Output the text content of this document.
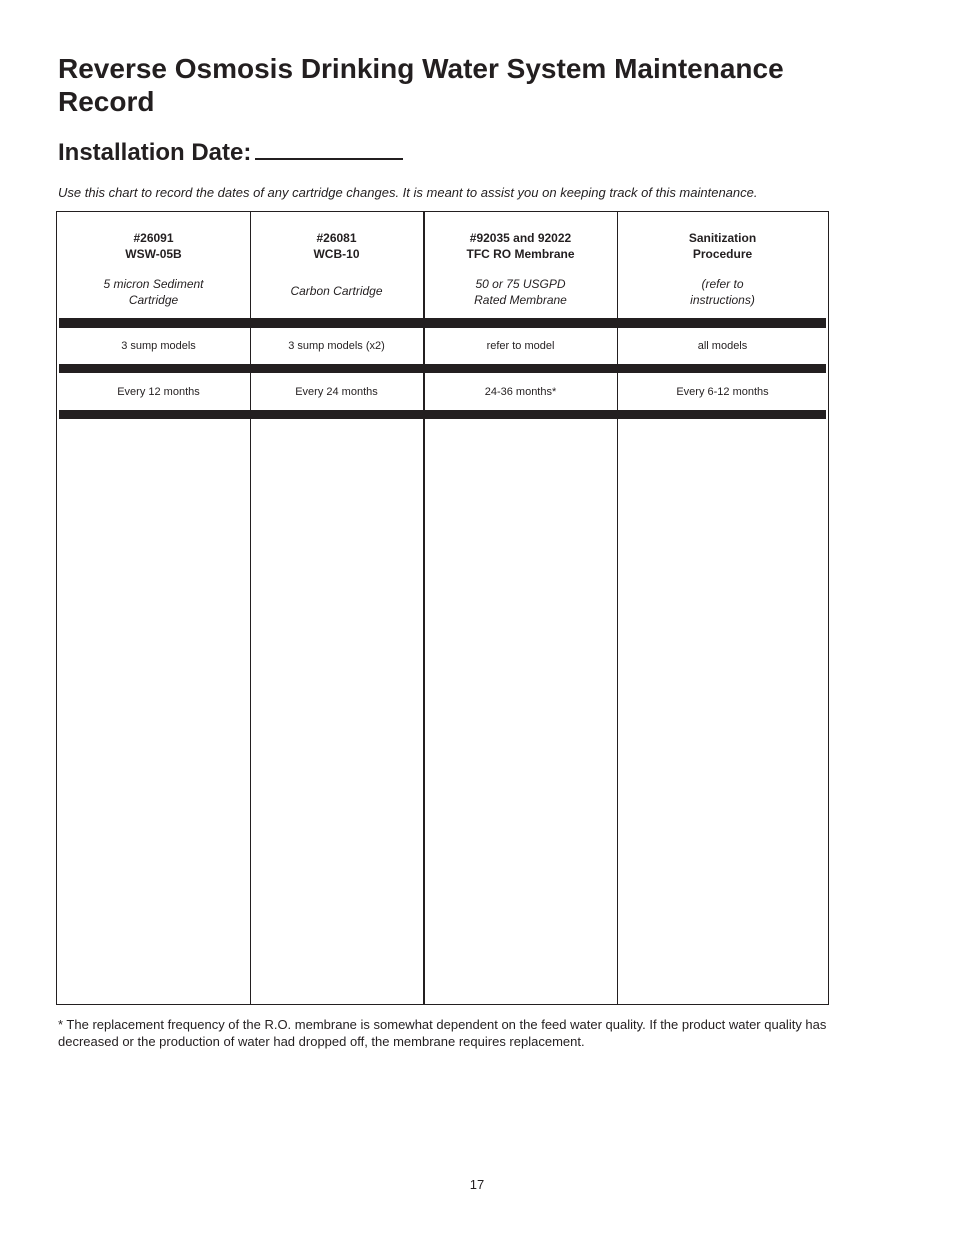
Reverse Osmosis Drinking Water System Maintenance Record
Installation Date:

Use this chart to record the dates of any cartridge changes. It is meant to assist you on keeping track of this maintenance.

#26091
WSW-05B
5 micron Sediment
Cartridge
3 sump models
Every 12 months
#26081
WCB-10
Carbon Cartridge
3 sump models (x2)
Every 24 months
#92035 and 92022
TFC RO Membrane
50 or 75 USGPD
Rated Membrane
refer to model
24-36 months*
Sanitization
Procedure
(refer to
instructions)
all models
Every 6-12 months

* The replacement frequency of the R.O. membrane is somewhat dependent on the feed water quality. If the product water quality has decreased or the production of water had dropped off, the membrane requires replacement.

17
